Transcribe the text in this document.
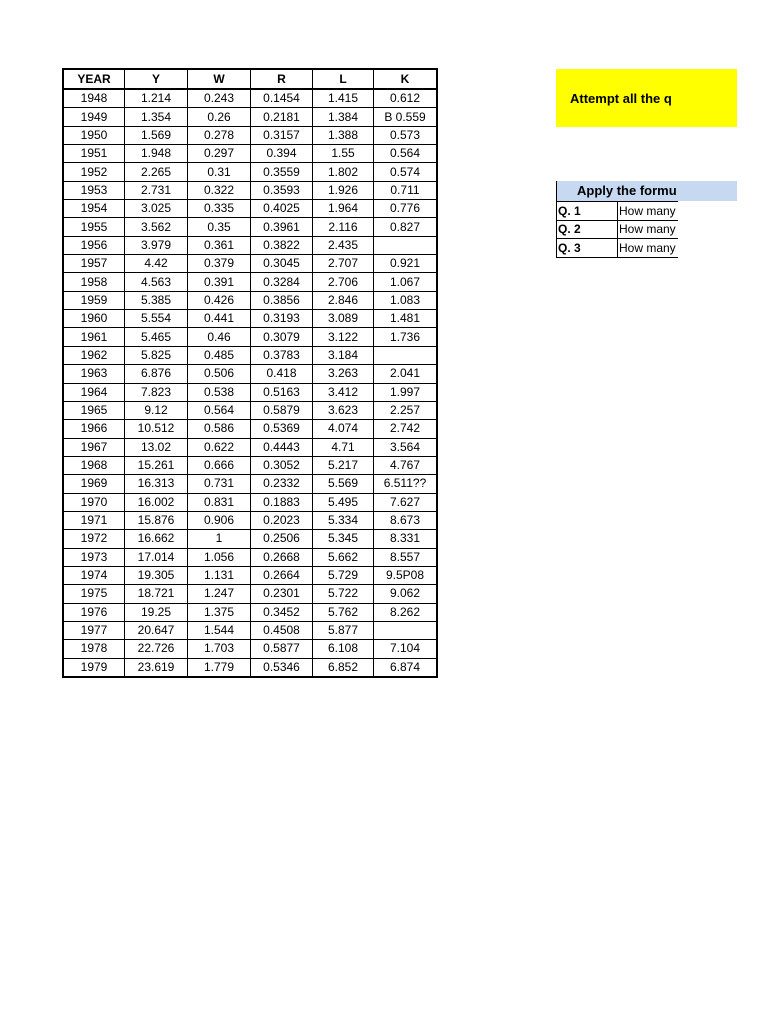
YEAR	Y	W	R	L	K
1948	1.214	0.243	0.1454	1.415	0.612
1949	1.354	0.26	0.2181	1.384	B 0.559
1950	1.569	0.278	0.3157	1.388	0.573
1951	1.948	0.297	0.394	1.55	0.564
1952	2.265	0.31	0.3559	1.802	0.574
1953	2.731	0.322	0.3593	1.926	0.711
1954	3.025	0.335	0.4025	1.964	0.776
1955	3.562	0.35	0.3961	2.116	0.827
1956	3.979	0.361	0.3822	2.435	
1957	4.42	0.379	0.3045	2.707	0.921
1958	4.563	0.391	0.3284	2.706	1.067
1959	5.385	0.426	0.3856	2.846	1.083
1960	5.554	0.441	0.3193	3.089	1.481
1961	5.465	0.46	0.3079	3.122	1.736
1962	5.825	0.485	0.3783	3.184	
1963	6.876	0.506	0.418	3.263	2.041
1964	7.823	0.538	0.5163	3.412	1.997
1965	9.12	0.564	0.5879	3.623	2.257
1966	10.512	0.586	0.5369	4.074	2.742
1967	13.02	0.622	0.4443	4.71	3.564
1968	15.261	0.666	0.3052	5.217	4.767
1969	16.313	0.731	0.2332	5.569	6.511??
1970	16.002	0.831	0.1883	5.495	7.627
1971	15.876	0.906	0.2023	5.334	8.673
1972	16.662	1	0.2506	5.345	8.331
1973	17.014	1.056	0.2668	5.662	8.557
1974	19.305	1.131	0.2664	5.729	9.5P08
1975	18.721	1.247	0.2301	5.722	9.062
1976	19.25	1.375	0.3452	5.762	8.262
1977	20.647	1.544	0.4508	5.877	
1978	22.726	1.703	0.5877	6.108	7.104
1979	23.619	1.779	0.5346	6.852	6.874
Attempt all the q
Apply the formu
Q. 1	How many
Q. 2	How many
Q. 3	How many
